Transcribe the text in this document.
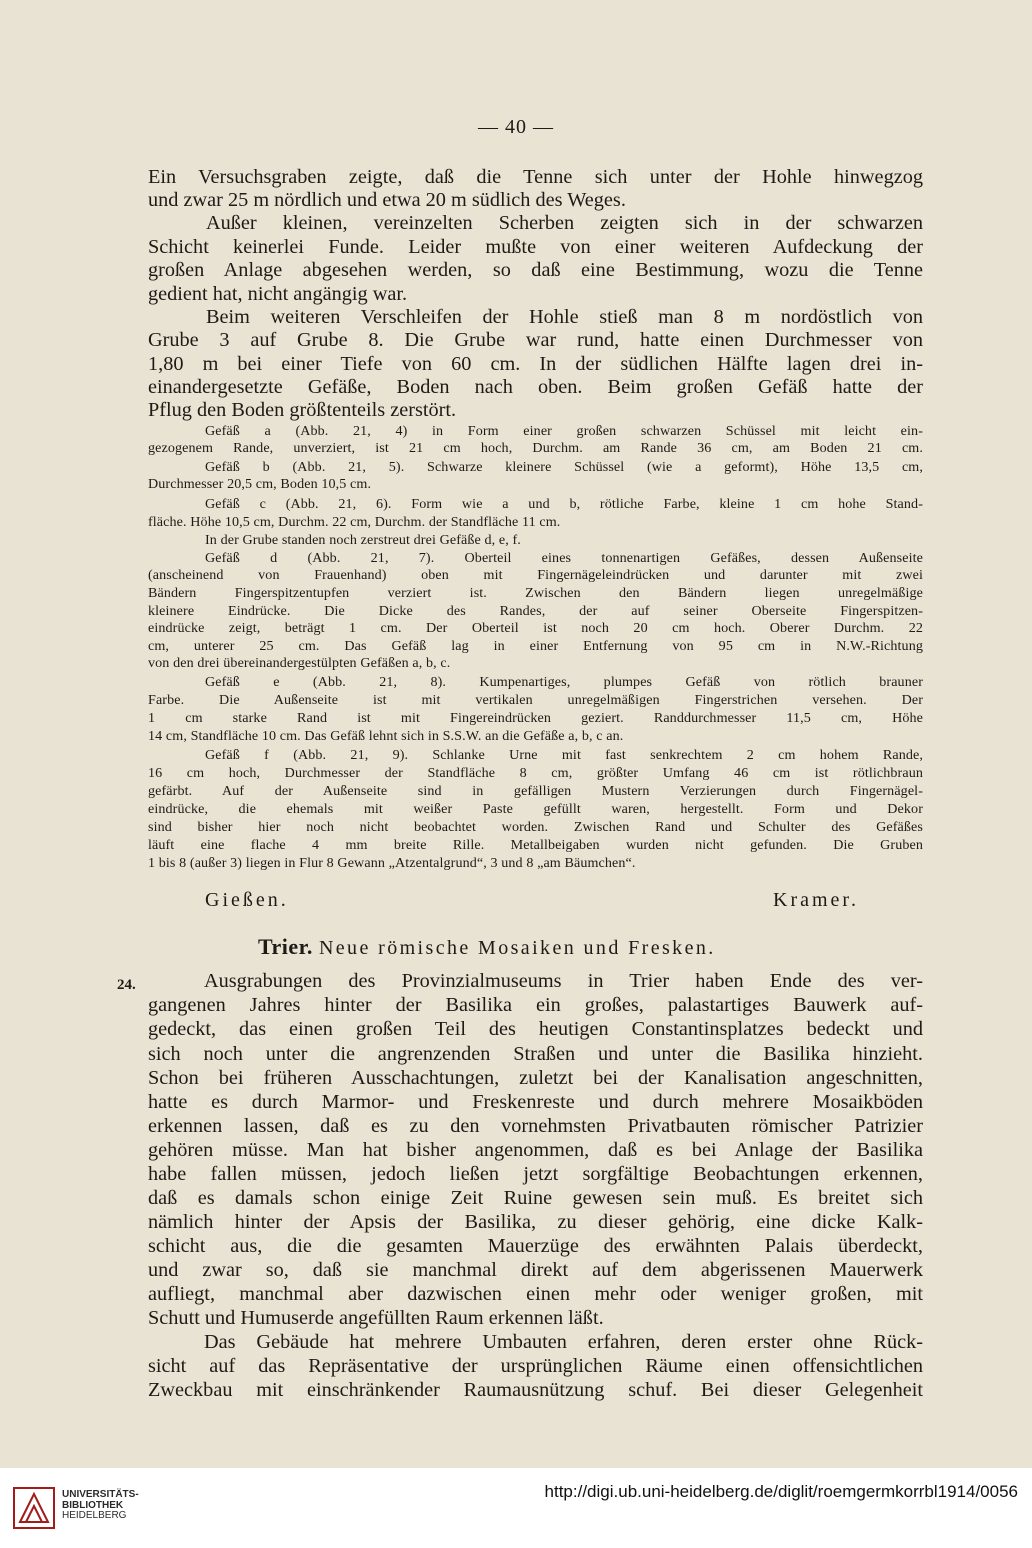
— 40 —
Ein Versuchsgraben zeigte, daß die Tenne sich unter der Hohle hinwegzog
und zwar 25 m nördlich und etwa 20 m südlich des Weges.
Außer kleinen, vereinzelten Scherben zeigten sich in der schwarzen
Schicht keinerlei Funde. Leider mußte von einer weiteren Aufdeckung der
großen Anlage abgesehen werden, so daß eine Bestimmung, wozu die Tenne
gedient hat, nicht angängig war.
Beim weiteren Verschleifen der Hohle stieß man 8 m nordöstlich von
Grube 3 auf Grube 8. Die Grube war rund, hatte einen Durchmesser von
1,80 m bei einer Tiefe von 60 cm. In der südlichen Hälfte lagen drei in-
einandergesetzte Gefäße, Boden nach oben. Beim großen Gefäß hatte der
Pflug den Boden größtenteils zerstört.
Gefäß a (Abb. 21, 4) in Form einer großen schwarzen Schüssel mit leicht ein-
gezogenem Rande, unverziert, ist 21 cm hoch, Durchm. am Rande 36 cm, am Boden 21 cm.
Gefäß b (Abb. 21, 5). Schwarze kleinere Schüssel (wie a geformt), Höhe 13,5 cm,
Durchmesser 20,5 cm, Boden 10,5 cm.
Gefäß c (Abb. 21, 6). Form wie a und b, rötliche Farbe, kleine 1 cm hohe Stand-
fläche. Höhe 10,5 cm, Durchm. 22 cm, Durchm. der Standfläche 11 cm.
In der Grube standen noch zerstreut drei Gefäße d, e, f.
Gefäß d (Abb. 21, 7). Oberteil eines tonnenartigen Gefäßes, dessen Außenseite
(anscheinend von Frauenhand) oben mit Fingernägeleindrücken und darunter mit zwei
Bändern Fingerspitzentupfen verziert ist. Zwischen den Bändern liegen unregelmäßige
kleinere Eindrücke. Die Dicke des Randes, der auf seiner Oberseite Fingerspitzen-
eindrücke zeigt, beträgt 1 cm. Der Oberteil ist noch 20 cm hoch. Oberer Durchm. 22
cm, unterer 25 cm. Das Gefäß lag in einer Entfernung von 95 cm in N.W.-Richtung
von den drei übereinandergestülpten Gefäßen a, b, c.
Gefäß e (Abb. 21, 8). Kumpenartiges, plumpes Gefäß von rötlich brauner
Farbe. Die Außenseite ist mit vertikalen unregelmäßigen Fingerstrichen versehen. Der
1 cm starke Rand ist mit Fingereindrücken geziert. Randdurchmesser 11,5 cm, Höhe
14 cm, Standfläche 10 cm. Das Gefäß lehnt sich in S.S.W. an die Gefäße a, b, c an.
Gefäß f (Abb. 21, 9). Schlanke Urne mit fast senkrechtem 2 cm hohem Rande,
16 cm hoch, Durchmesser der Standfläche 8 cm, größter Umfang 46 cm ist rötlichbraun
gefärbt. Auf der Außenseite sind in gefälligen Mustern Verzierungen durch Fingernägel-
eindrücke, die ehemals mit weißer Paste gefüllt waren, hergestellt. Form und Dekor
sind bisher hier noch nicht beobachtet worden. Zwischen Rand und Schulter des Gefäßes
läuft eine flache 4 mm breite Rille. Metallbeigaben wurden nicht gefunden. Die Gruben
1 bis 8 (außer 3) liegen in Flur 8 Gewann „Atzentalgrund“, 3 und 8 „am Bäumchen“.
Gießen.	Kramer.
Trier. Neue römische Mosaiken und Fresken.
24.	Ausgrabungen des Provinzialmuseums in Trier haben Ende des ver-
gangenen Jahres hinter der Basilika ein großes, palastartiges Bauwerk auf-
gedeckt, das einen großen Teil des heutigen Constantinsplatzes bedeckt und
sich noch unter die angrenzenden Straßen und unter die Basilika hinzieht.
Schon bei früheren Ausschachtungen, zuletzt bei der Kanalisation angeschnitten,
hatte es durch Marmor- und Freskenreste und durch mehrere Mosaikböden
erkennen lassen, daß es zu den vornehmsten Privatbauten römischer Patrizier
gehören müsse. Man hat bisher angenommen, daß es bei Anlage der Basilika
habe fallen müssen, jedoch ließen jetzt sorgfältige Beobachtungen erkennen,
daß es damals schon einige Zeit Ruine gewesen sein muß. Es breitet sich
nämlich hinter der Apsis der Basilika, zu dieser gehörig, eine dicke Kalk-
schicht aus, die die gesamten Mauerzüge des erwähnten Palais überdeckt,
und zwar so, daß sie manchmal direkt auf dem abgerissenen Mauerwerk
aufliegt, manchmal aber dazwischen einen mehr oder weniger großen, mit
Schutt und Humuserde angefüllten Raum erkennen läßt.
Das Gebäude hat mehrere Umbauten erfahren, deren erster ohne Rück-
sicht auf das Repräsentative der ursprünglichen Räume einen offensichtlichen
Zweckbau mit einschränkender Raumausnützung schuf. Bei dieser Gelegenheit
UNIVERSITÄTS-
BIBLIOTHEK
HEIDELBERG
http://digi.ub.uni-heidelberg.de/diglit/roemgermkorrbl1914/0056
